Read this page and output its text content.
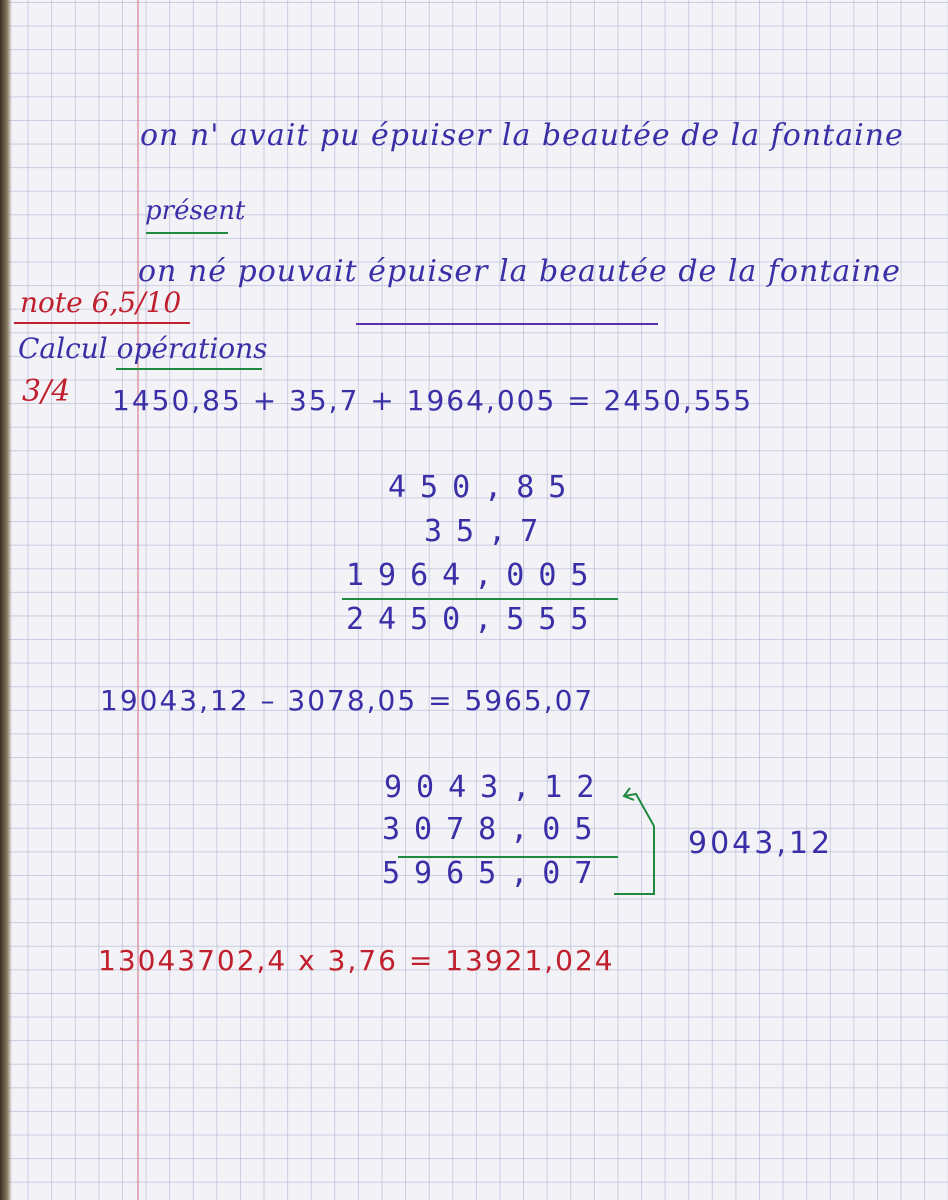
on n' avait pu épuiser la beautée de la fontaine
présent
on né pouvait épuiser la beautée de la fontaine
note 6,5/10
Calcul opérations
3/4 1450,85 + 35,7 + 1964,005 = 2450,555
450,85
35,7
1964,005
2450,555
19043,12 – 3078,05 = 5965,07
9043,12
3078,05
5965,07
9043,12
13043702,4 x 3,76 = 13921,024
